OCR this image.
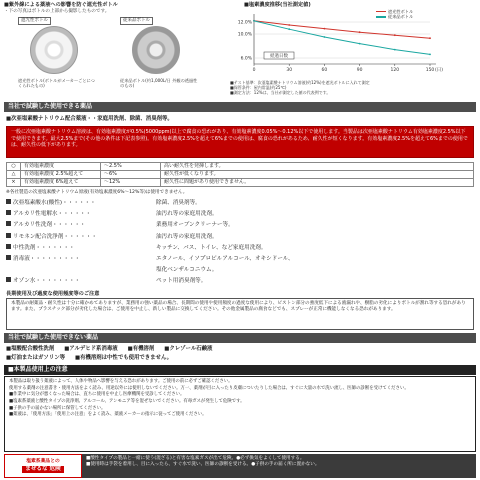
■紫外線による薬液への影響を防ぐ遮光性ボトル
・下の写真はボトルの上部から撮影したものです。
遮光性ボトル	従来品ボトル
遮光性ボトル(ボトルがメーカーごとにつくられたもの)
従来品ボトル(約1,000L/日 外観の透過性のもの)
■塩素濃度推移(当社測定値)
12.0%
10.0%
6.0%
0	30	60	90	120	150 (日)
経過日数
遮光性ボトル
従来品ボトル
■テスト基準：次亜塩素酸ナトリウム溶液(約12%)を遮光ボトルに入れて測定
■保管条件：屋内常温(約25℃)
■測定方法：12%は、当社が測定した値の代表例です。
当社で試験した使用できる薬品
■次亜塩素酸ナトリウム配合薬液・・家庭用洗剤、除菌、消臭剤等。
一般に次亜塩素酸ナトリウム溶液は、有効塩素濃度が0.5%(5000ppm)以上で腐食の恐れがあり、有効塩素濃度0.05%〜0.12%以下で使用します。当製品は次亜塩素酸ナトリウム有効塩素濃度2.5%以下で使用できます。最大2.5%まで(その他の条件は下記表参照)。有効塩素濃度2.5%を超えて6%までの使用は、腐食の恐れがあるため、耐久性が短くなります。有効塩素濃度2.5%を超えて6%までの使用では、耐久性の低下があります。
○	有効塩素濃度	〜2.5%	高い耐久性を発揮します。
△	有効塩素濃度 2.5%超えて	〜6%	耐久性が低くなります。
×	有効塩素濃度 6%超えて	〜12%	耐久性に問題があり使用できません。
※各社製造の次亜塩素酸ナトリウム原液(有効塩素濃度6%〜12%等)は使用できません。
次亜塩素酸水(酸性)・・・・・・	除菌、消臭剤等。
アルカリ性電解水・・・・・・	油汚れ等の家庭用洗剤。
アルカリ性洗剤・・・・・・	業務用オーブンクリーナー等。
リモネン配合洗浄剤・・・・・・	油汚れ等の家庭用洗剤。
中性洗剤・・・・・・・	キッチン、バス、トイレ、など家庭用洗剤。
消毒液・・・・・・・・・	エタノール、イソプロピルアルコール、オキシドール、
塩化ベンザルコニウム。
オゾン水・・・・・・・・	ペット用消臭剤等。
長期使用及び過度な使用頻度等のご注意
本製品の耐薬品・耐久性は十分に確かめてありますが、業務用の強い薬品の場合、長期間の使用や使用頻度の過度な使用により、ピストン部分の強度低下による液漏れや、樹脂の劣化によりボトルが割れ等する恐れがあります。また、プラスチック部分が劣化した場合は、ご使用を中止し、新しい製品に交換してください。その他金属製品の腐食などでも、スプレーが正常に機能しなくなる恐れがあります。
当社で試験した使用できない薬品
■塩酸配合酸性洗剤 ■アルデヒド系消毒液 ■有機溶剤 ■クレゾール石鹸液
■灯油またはガソリン等 ■有機溶剤は中性でも使用できません。
■本製品使用上の注意

本製品は取り扱う薬液によって、人体や物品へ影響を与える恐れがあります。ご使用の前に必ずご確認ください。

使用する薬剤の注意書き・使用方法をよく読み、用途以外には使用しないでください。万一、薬剤が目に入ったり皮膚についたりした場合は、すぐに大量の水で洗い流し、医師の診断を受けてください。

■作業中に気分が悪くなった場合は、直ちに使用を中止し医療機関を受診してください。

■塩素系薬液と酸性タイプの洗浄剤、アルコール、アンモニア等を混ぜないでください。有毒ガスが発生して危険です。

■子供の手の届かない場所に保管してください。

■薬液は、「使用方法」「使用上の注意」をよく読み、薬液メーカーの指示に従ってご使用ください。

塩素系薬品との
まぜるな 危険
■酸性タイプの製品と一緒に使う(混ざる)と有害な塩素ガスが出て危険。●必ず換気をよくして使用する。
■使用時は手袋を着用し、目に入ったら、すぐ水で洗い、医師の診断を受ける。●子供の手の届く所に置かない。
